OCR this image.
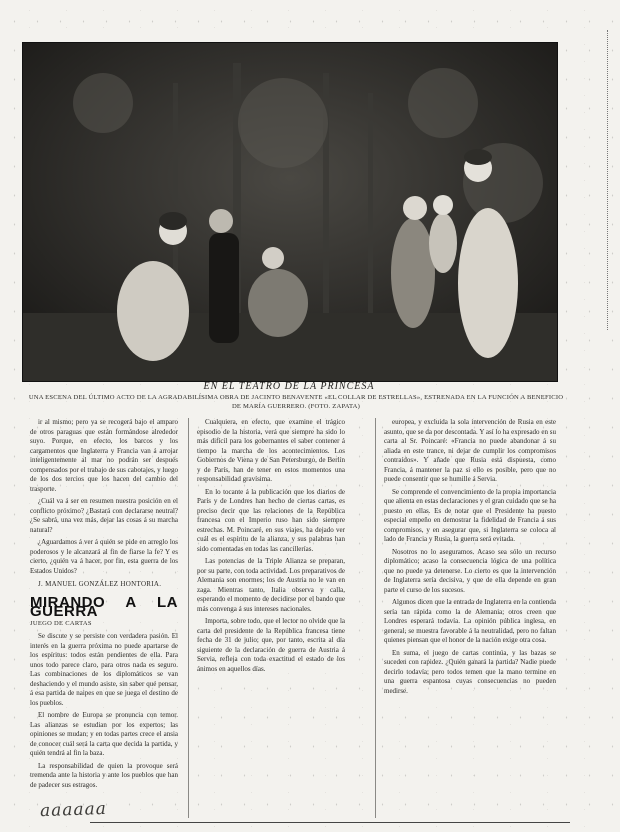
EN EL TEATRO DE LA PRINCESA
UNA ESCENA DEL ÚLTIMO ACTO DE LA AGRADABILÍSIMA OBRA DE JACINTO BENAVENTE «EL COLLAR DE ESTRELLAS», ESTRENADA EN LA FUNCIÓN A BENEFICIO DE MARÍA GUERRERO. (FOTO. ZAPATA)

ir al mismo; pero ya se recogerá bajo el amparo de otros paraguas que están formándose alrededor suyo. Porque, en efecto, los barcos y los cargamentos que Inglaterra y Francia van á arrojar inteligentemente al mar no podrán ser después compensados por el trabajo de sus cabotajes, y luego de los dos tercios que los hacen del cambio del trasporte.

¿Cuál va á ser en resumen nuestra posición en el conflicto próximo? ¿Bastará con declararse neutral? ¿Se sabrá, una vez más, dejar las cosas á su marcha natural?

¿Aguardamos á ver á quién se pide en arreglo los poderosos y le alcanzará al fin de fiarse la fe? Y es cierto, ¿quién va á hacer, por fin, esta guerra de los Estados Unidos?

J. MANUEL GONZÁLEZ HONTORIA.
MIRANDO A LA GUERRA
JUEGO DE CARTAS

Se discute y se persiste con verdadera pasión. El interés en la guerra próxima no puede apartarse de los espíritus: todos están pendientes de ella. Para unos todo parece claro, para otros nada es seguro. Las combinaciones de los diplomáticos se van deshaciendo y el mundo asiste, sin saber qué pensar, á esa partida de naipes en que se juega el destino de los pueblos.

El nombre de Europa se pronuncia con temor. Las alianzas se estudian por los expertos; las opiniones se mudan; y en todas partes crece el ansia de conocer cuál será la carta que decida la partida, y quién tendrá al fin la baza.

La responsabilidad de quien la provoque será tremenda ante la historia y ante los pueblos que han de padecer sus estragos.

Cualquiera, en efecto, que examine el trágico episodio de la historia, verá que siempre ha sido lo más difícil para los gobernantes el saber contener á tiempo la marcha de los acontecimientos. Los Gobiernos de Viena y de San Petersburgo, de Berlín y de París, han de tener en estos momentos una responsabilidad gravísima.

En lo tocante á la publicación que los diarios de París y de Londres han hecho de ciertas cartas, es preciso decir que las relaciones de la República francesa con el Imperio ruso han sido siempre estrechas. M. Poincaré, en sus viajes, ha dejado ver cuál es el espíritu de la alianza, y sus palabras han sido comentadas en todas las cancillerías.

Las potencias de la Triple Alianza se preparan, por su parte, con toda actividad. Los preparativos de Alemania son enormes; los de Austria no le van en zaga. Mientras tanto, Italia observa y calla, esperando el momento de decidirse por el bando que más convenga á sus intereses nacionales.

Importa, sobre todo, que el lector no olvide que la carta del presidente de la República francesa tiene fecha de 31 de julio; que, por tanto, escrita al día siguiente de la declaración de guerra de Austria á Servia, refleja con toda exactitud el estado de los ánimos en aquellos días.

europea, y excluida la sola intervención de Rusia en este asunto, que se da por descontada. Y así lo ha expresado en su carta al Sr. Poincaré: «Francia no puede abandonar á su aliada en este trance, ni dejar de cumplir los compromisos contraídos». Y añade que Rusia está dispuesta, como Francia, á mantener la paz si ello es posible, pero que no puede consentir que se humille á Servia.

Se comprende el convencimiento de la propia importancia que alienta en estas declaraciones y el gran cuidado que se ha puesto en ellas. Es de notar que el Presidente ha puesto especial empeño en demostrar la fidelidad de Francia á sus compromisos, y en asegurar que, si Inglaterra se coloca al lado de Francia y Rusia, la guerra será evitada.

Nosotros no lo aseguramos. Acaso sea sólo un recurso diplomático; acaso la consecuencia lógica de una política que no puede ya detenerse. Lo cierto es que la intervención de Inglaterra sería decisiva, y que de ella depende en gran parte el curso de los sucesos.

Algunos dicen que la entrada de Inglaterra en la contienda sería tan rápida como la de Alemania; otros creen que Londres esperará todavía. La opinión pública inglesa, en general, se muestra favorable á la neutralidad, pero no faltan quienes piensan que el honor de la nación exige otra cosa.

En suma, el juego de cartas continúa, y las bazas se suceden con rapidez. ¿Quién ganará la partida? Nadie puede decirlo todavía; pero todos temen que la mano termine en una guerra espantosa cuyas consecuencias no pueden medirse.

aaaaaa
